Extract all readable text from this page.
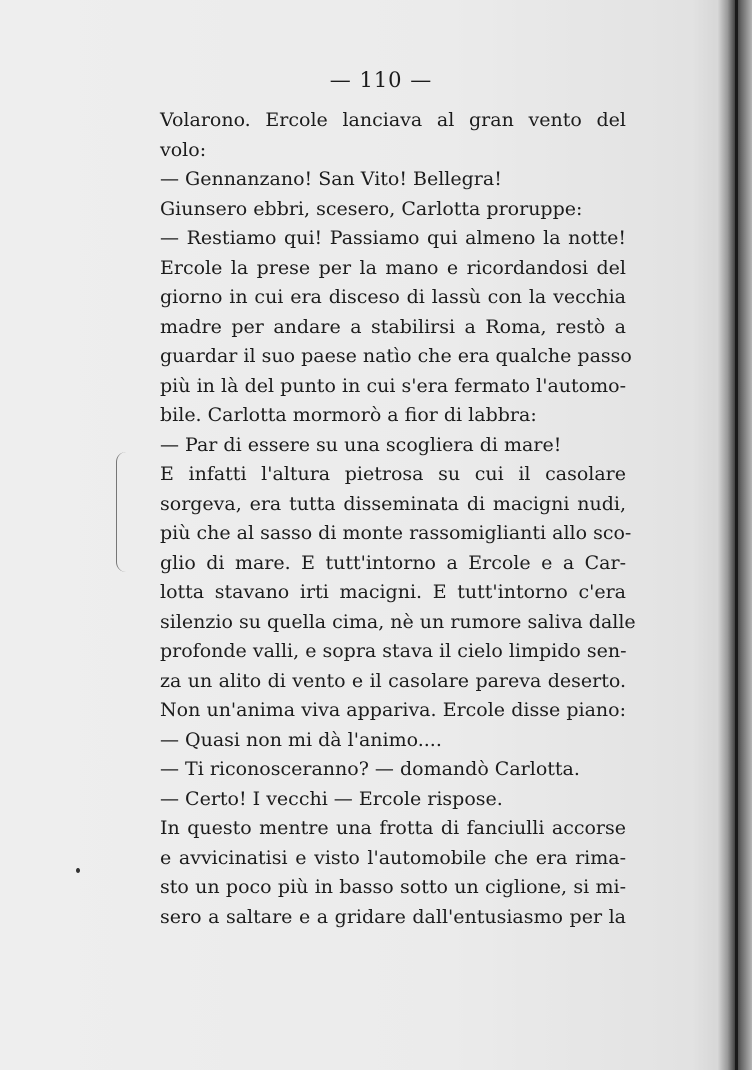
— 110 —
Volarono. Ercole lanciava al gran vento del
volo:
— Gennanzano! San Vito! Bellegra!
Giunsero ebbri, scesero, Carlotta proruppe:
— Restiamo qui! Passiamo qui almeno la notte!
Ercole la prese per la mano e ricordandosi del
giorno in cui era disceso di lassù con la vecchia
madre per andare a stabilirsi a Roma, restò a
guardar il suo paese natìo che era qualche passo
più in là del punto in cui s'era fermato l'automo-
bile. Carlotta mormorò a fior di labbra:
— Par di essere su una scogliera di mare!
E infatti l'altura pietrosa su cui il casolare
sorgeva, era tutta disseminata di macigni nudi,
più che al sasso di monte rassomiglianti allo sco-
glio di mare. E tutt'intorno a Ercole e a Car-
lotta stavano irti macigni. E tutt'intorno c'era
silenzio su quella cima, nè un rumore saliva dalle
profonde valli, e sopra stava il cielo limpido sen-
za un alito di vento e il casolare pareva deserto.
Non un'anima viva appariva. Ercole disse piano:
— Quasi non mi dà l'animo....
— Ti riconosceranno? — domandò Carlotta.
— Certo! I vecchi — Ercole rispose.
In questo mentre una frotta di fanciulli accorse
e avvicinatisi e visto l'automobile che era rima-
sto un poco più in basso sotto un ciglione, si mi-
sero a saltare e a gridare dall'entusiasmo per la
